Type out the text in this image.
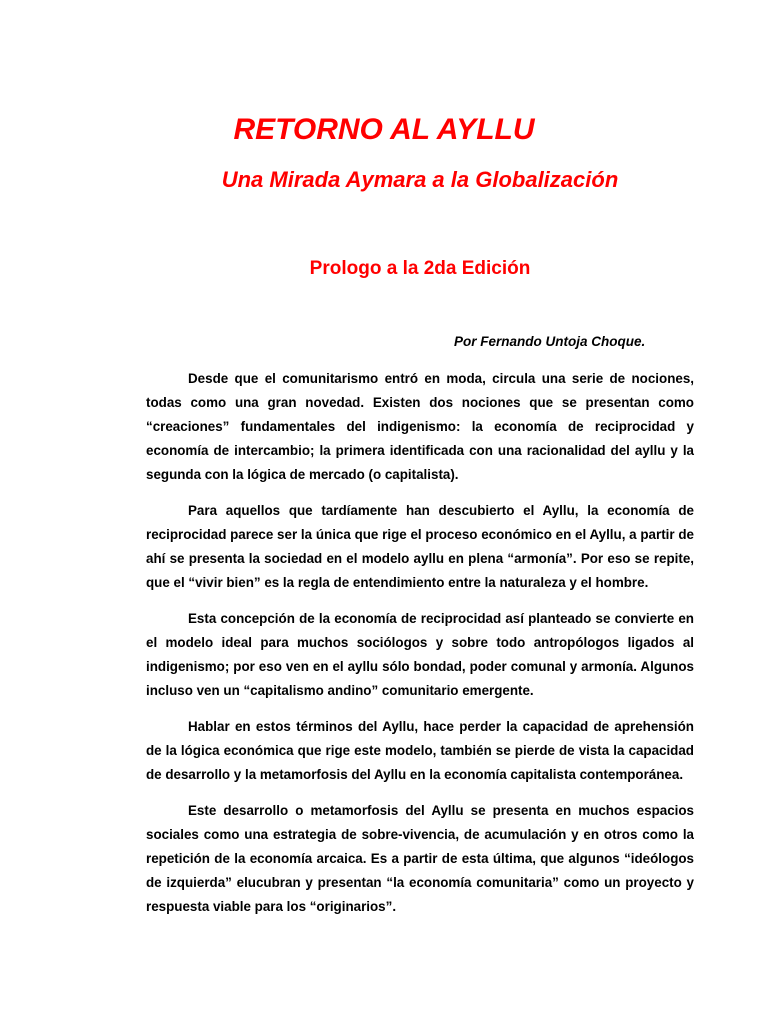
RETORNO AL AYLLU
Una Mirada Aymara a la Globalización
Prologo a la 2da Edición
Por Fernando Untoja Choque.

Desde que el comunitarismo entró en moda, circula una serie de nociones, todas como una gran novedad. Existen dos nociones que se presentan como “creaciones” fundamentales del indigenismo: la economía de reciprocidad y economía de intercambio; la primera identificada con una racionalidad del ayllu y la segunda con la lógica de mercado (o capitalista).

Para aquellos que tardíamente han descubierto el Ayllu, la economía de reciprocidad parece ser la única que rige el proceso económico en el Ayllu, a partir de ahí se presenta la sociedad en el modelo ayllu en plena “armonía”. Por eso se repite, que el “vivir bien” es la regla de entendimiento entre la naturaleza y el hombre.

Esta concepción de la economía de reciprocidad así planteado se convierte en el modelo ideal para muchos sociólogos y sobre todo antropólogos ligados al indigenismo; por eso ven en el ayllu sólo bondad, poder comunal y armonía. Algunos incluso ven un “capitalismo andino” comunitario emergente.

Hablar en estos términos del Ayllu, hace perder la capacidad de aprehensión de la lógica económica que rige este modelo, también se pierde de vista la capacidad de desarrollo y la metamorfosis del Ayllu en la economía capitalista contemporánea.

Este desarrollo o metamorfosis del Ayllu se presenta en muchos espacios sociales como una estrategia de sobre-vivencia, de acumulación y en otros como la repetición de la economía arcaica. Es a partir de esta última, que algunos “ideólogos de izquierda” elucubran y presentan “la economía comunitaria” como un proyecto y respuesta viable para los “originarios”.
